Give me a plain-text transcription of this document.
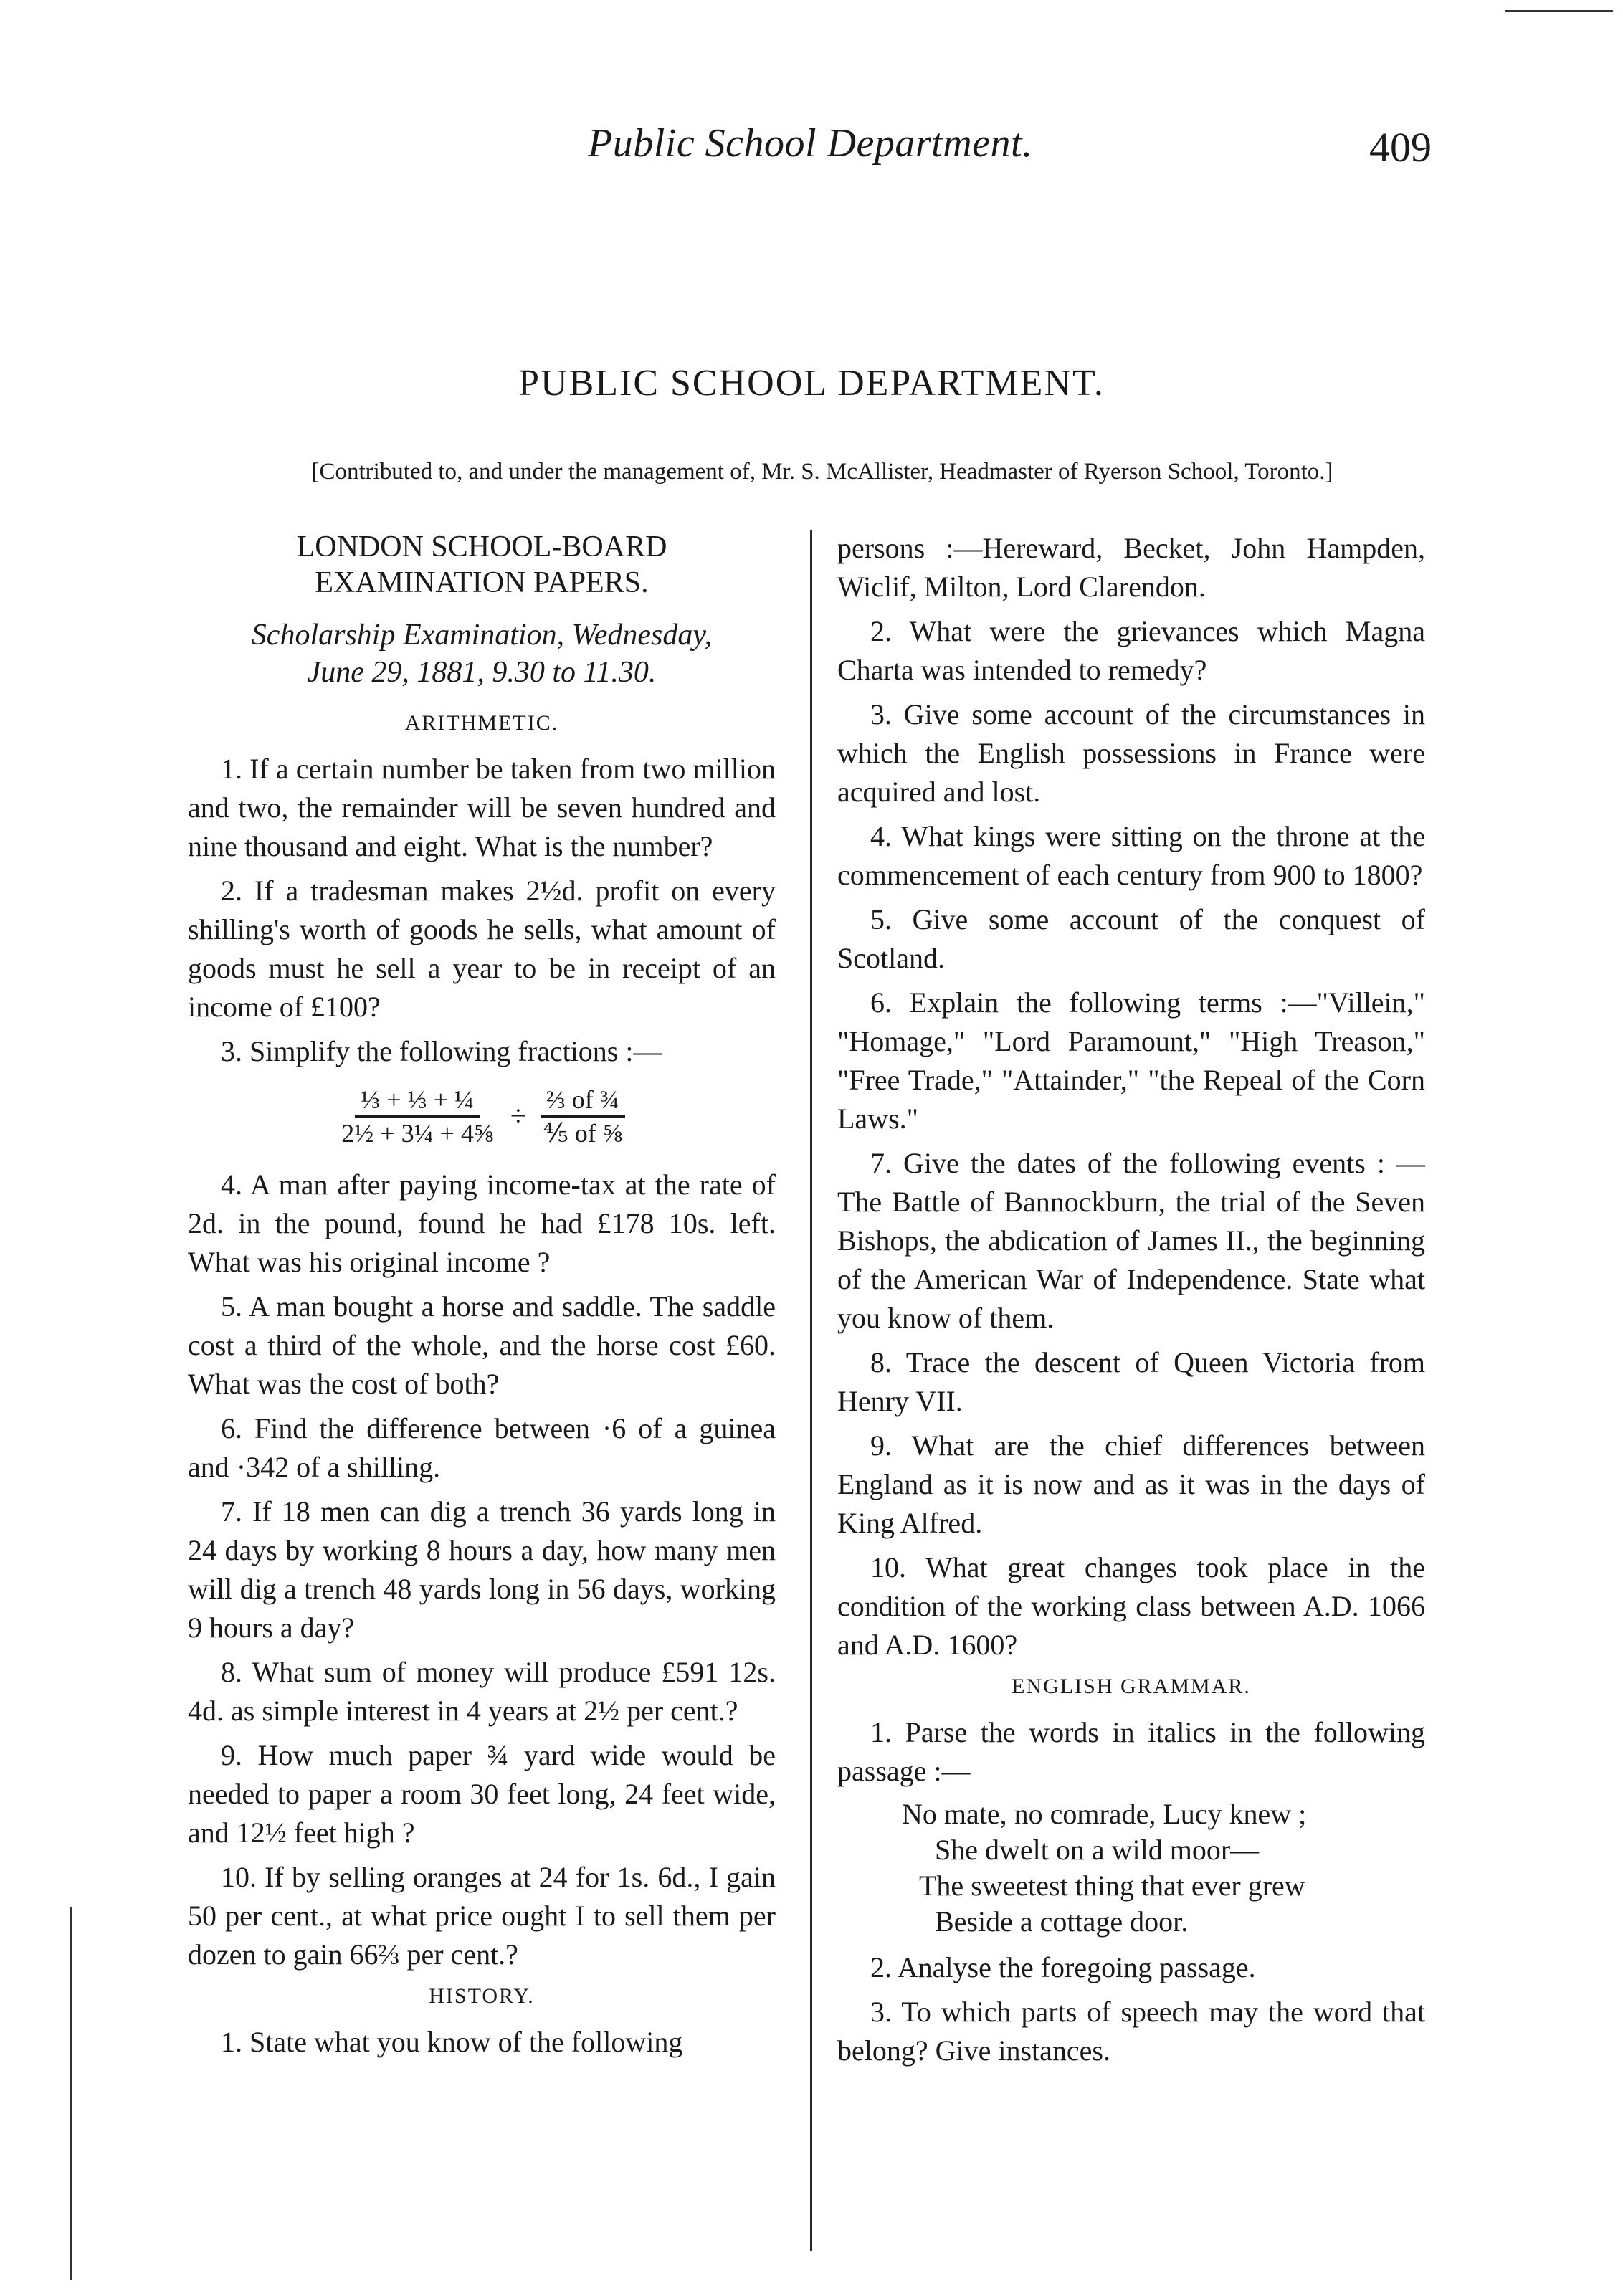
Public School Department.	409
PUBLIC SCHOOL DEPARTMENT.
[Contributed to, and under the management of, Mr. S. McAllister, Headmaster of Ryerson School, Toronto.]
LONDON SCHOOL-BOARD EXAMINATION PAPERS.
Scholarship Examination, Wednesday,
June 29, 1881, 9.30 to 11.30.
ARITHMETIC.

1. If a certain number be taken from two million and two, the remainder will be seven hundred and nine thousand and eight. What is the number?

2. If a tradesman makes 2½d. profit on every shilling's worth of goods he sells, what amount of goods must he sell a year to be in receipt of an income of £100?

3. Simplify the following fractions :—

$\frac{\text{⅓ + ⅓ + ¼}}{\text{2½ + 3¼ + 4⅝}} \div \frac{\text{⅔ of ¾}}{\text{⅘ of ⅝}}$

4. A man after paying income-tax at the rate of 2d. in the pound, found he had £178 10s. left. What was his original income ?

5. A man bought a horse and saddle. The saddle cost a third of the whole, and the horse cost £60. What was the cost of both?

6. Find the difference between ·6 of a guinea and ·342 of a shilling.

7. If 18 men can dig a trench 36 yards long in 24 days by working 8 hours a day, how many men will dig a trench 48 yards long in 56 days, working 9 hours a day?

8. What sum of money will produce £591 12s. 4d. as simple interest in 4 years at 2½ per cent.?

9. How much paper ¾ yard wide would be needed to paper a room 30 feet long, 24 feet wide, and 12½ feet high ?

10. If by selling oranges at 24 for 1s. 6d., I gain 50 per cent., at what price ought I to sell them per dozen to gain 66⅔ per cent.?

HISTORY.

1. State what you know of the following

persons :—Hereward, Becket, John Hampden, Wiclif, Milton, Lord Clarendon.

2. What were the grievances which Magna Charta was intended to remedy?

3. Give some account of the circumstances in which the English possessions in France were acquired and lost.

4. What kings were sitting on the throne at the commencement of each century from 900 to 1800?

5. Give some account of the conquest of Scotland.

6. Explain the following terms :—"Villein," "Homage," "Lord Paramount," "High Treason," "Free Trade," "Attainder," "the Repeal of the Corn Laws."

7. Give the dates of the following events : —The Battle of Bannockburn, the trial of the Seven Bishops, the abdication of James II., the beginning of the American War of Independence. State what you know of them.

8. Trace the descent of Queen Victoria from Henry VII.

9. What are the chief differences between England as it is now and as it was in the days of King Alfred.

10. What great changes took place in the condition of the working class between A.D. 1066 and A.D. 1600?

ENGLISH GRAMMAR.

1. Parse the words in italics in the following passage :—

No mate, no comrade, Lucy knew ;
She dwelt on a wild moor—
The sweetest thing that ever grew
Beside a cottage door.

2. Analyse the foregoing passage.

3. To which parts of speech may the word that belong? Give instances.
